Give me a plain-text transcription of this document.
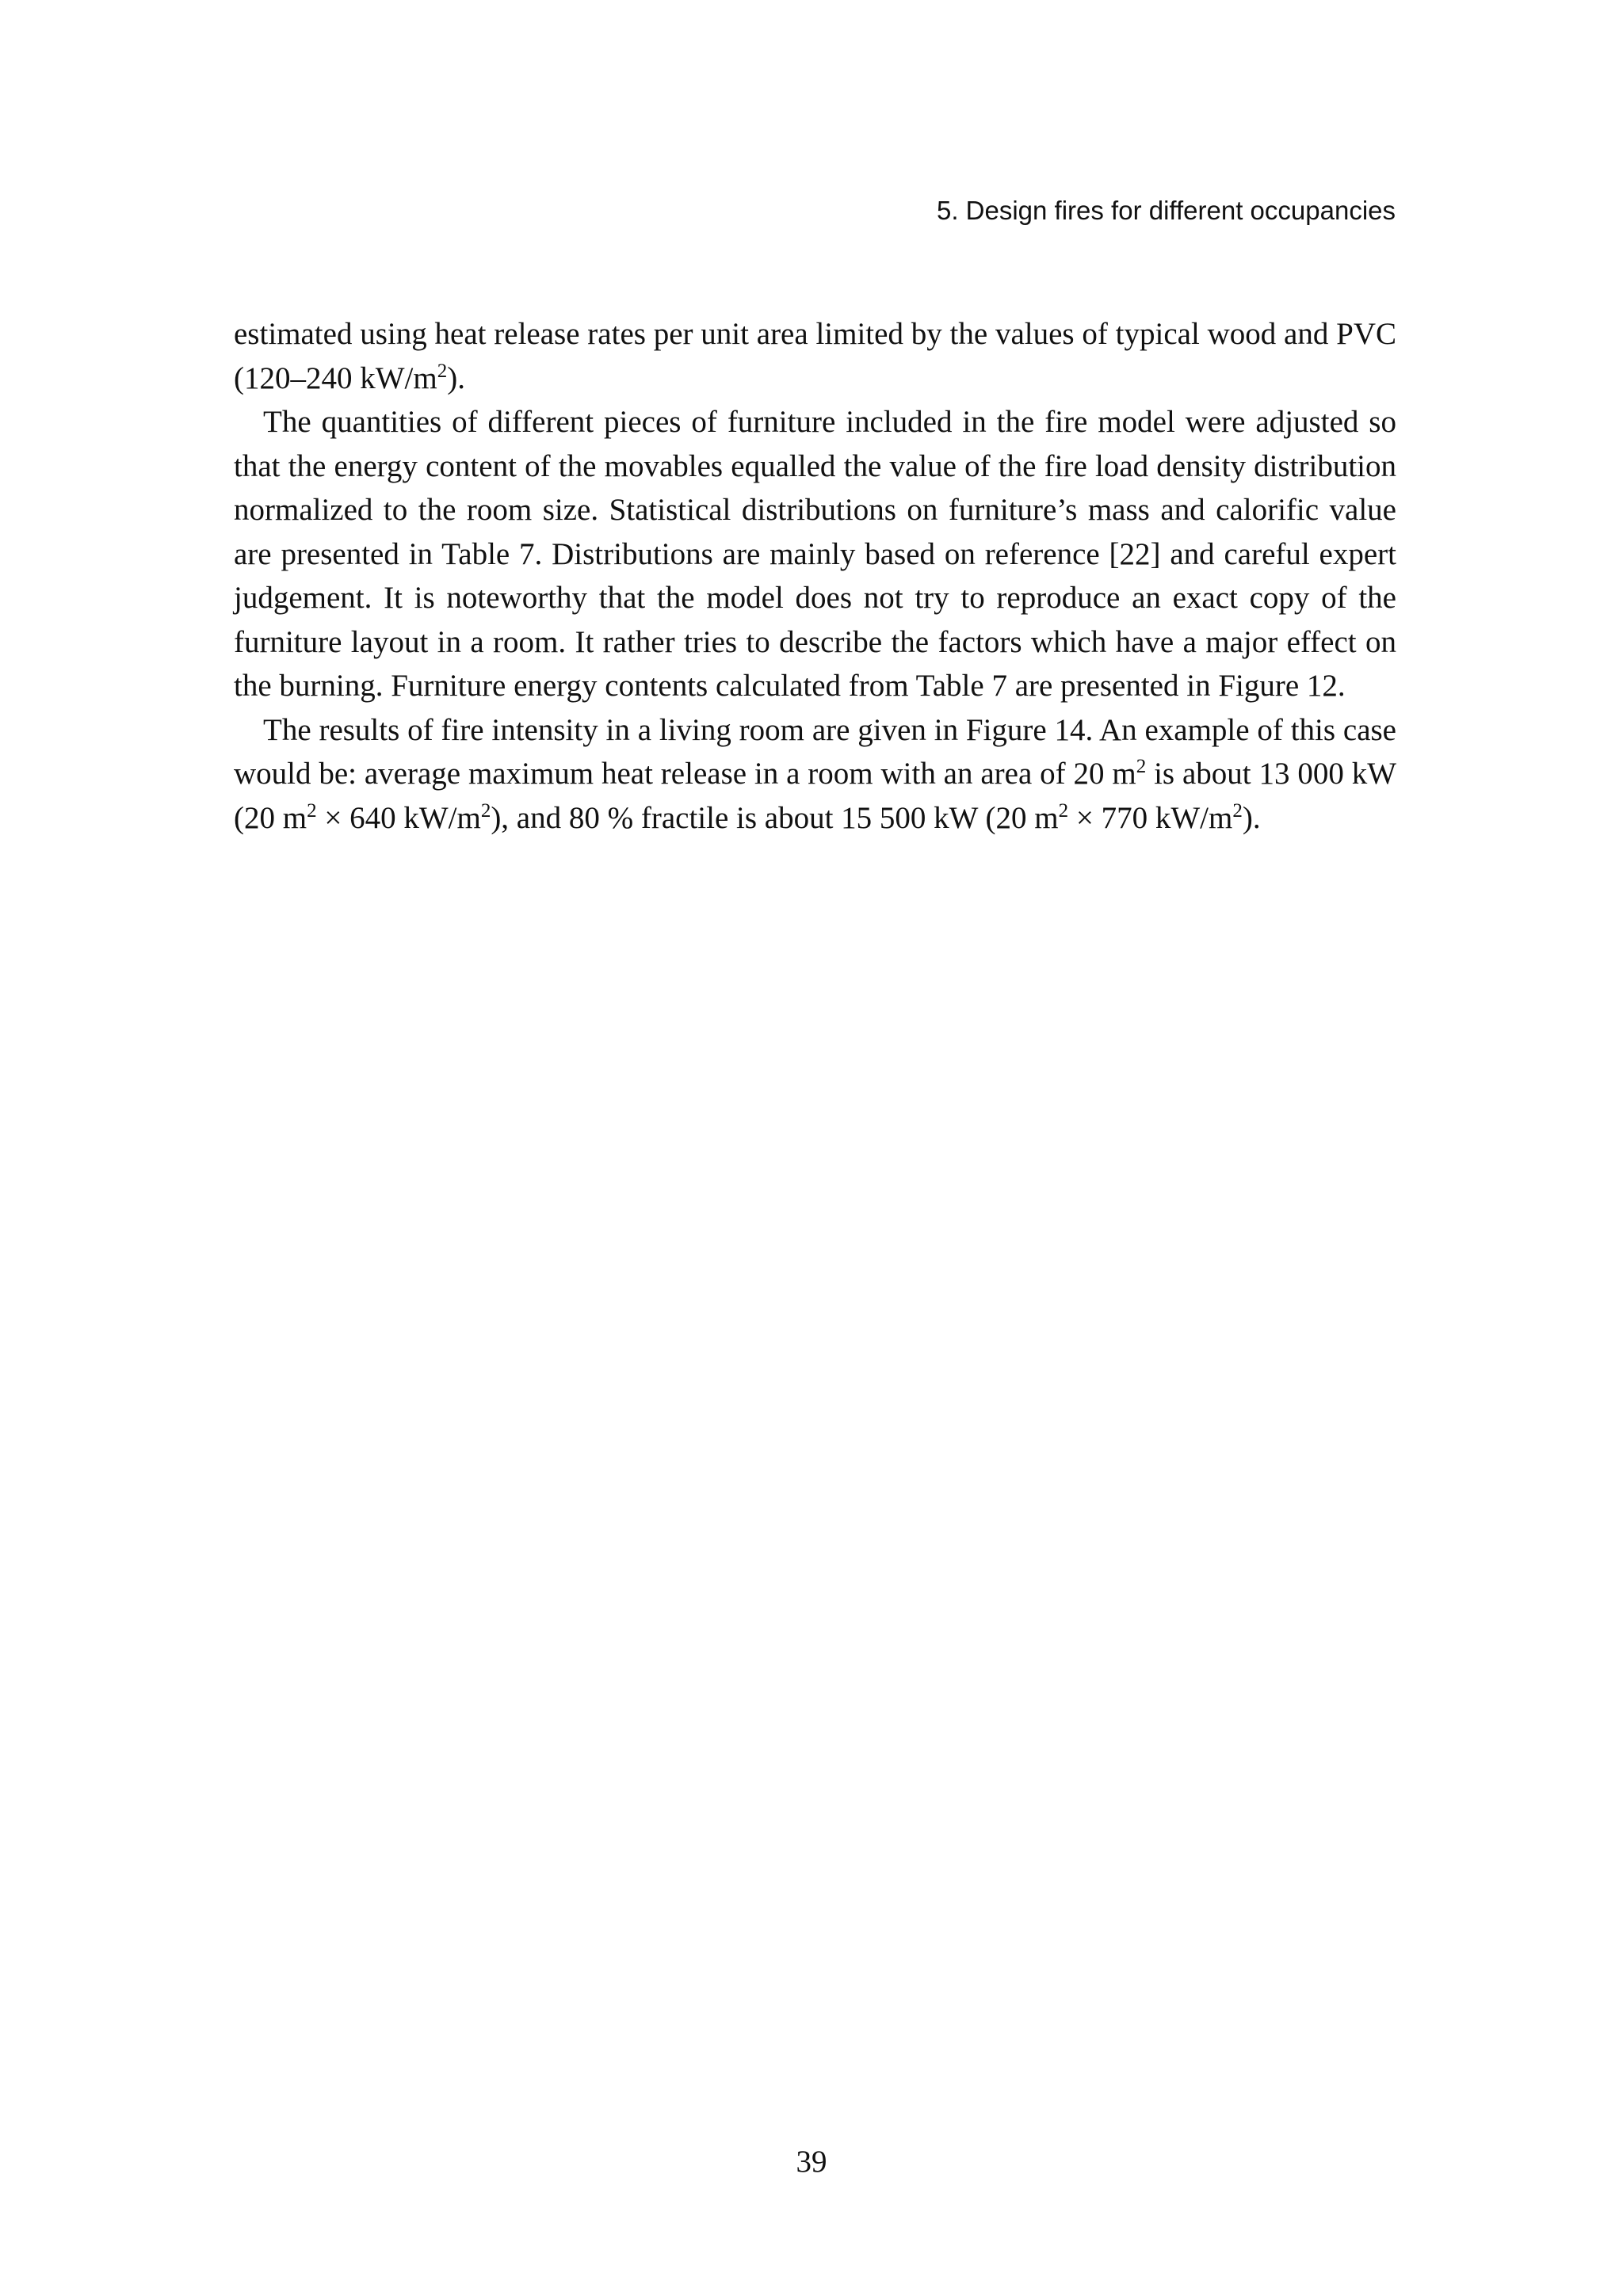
5. Design fires for different occupancies

estimated using heat release rates per unit area limited by the values of typical wood and PVC (120–240 $kW/m^2$).

The quantities of different pieces of furniture included in the fire model were adjusted so that the energy content of the movables equalled the value of the fire load density distribution normalized to the room size. Statistical distributions on furniture’s mass and calorific value are presented in Table 7. Distributions are mainly based on reference [22] and careful expert judgement. It is noteworthy that the model does not try to reproduce an exact copy of the furniture layout in a room. It rather tries to describe the factors which have a major effect on the burning. Furniture energy contents calculated from Table 7 are presented in Figure 12.

The results of fire intensity in a living room are given in Figure 14. An example of this case would be: average maximum heat release in a room with an area of 20 $m^2$ is about 13 000 kW (20 $m^2 \times 640$ $kW/m^2$), and 80 % fractile is about 15 500 kW (20 $m^2 \times 770$ $kW/m^2$).

39
